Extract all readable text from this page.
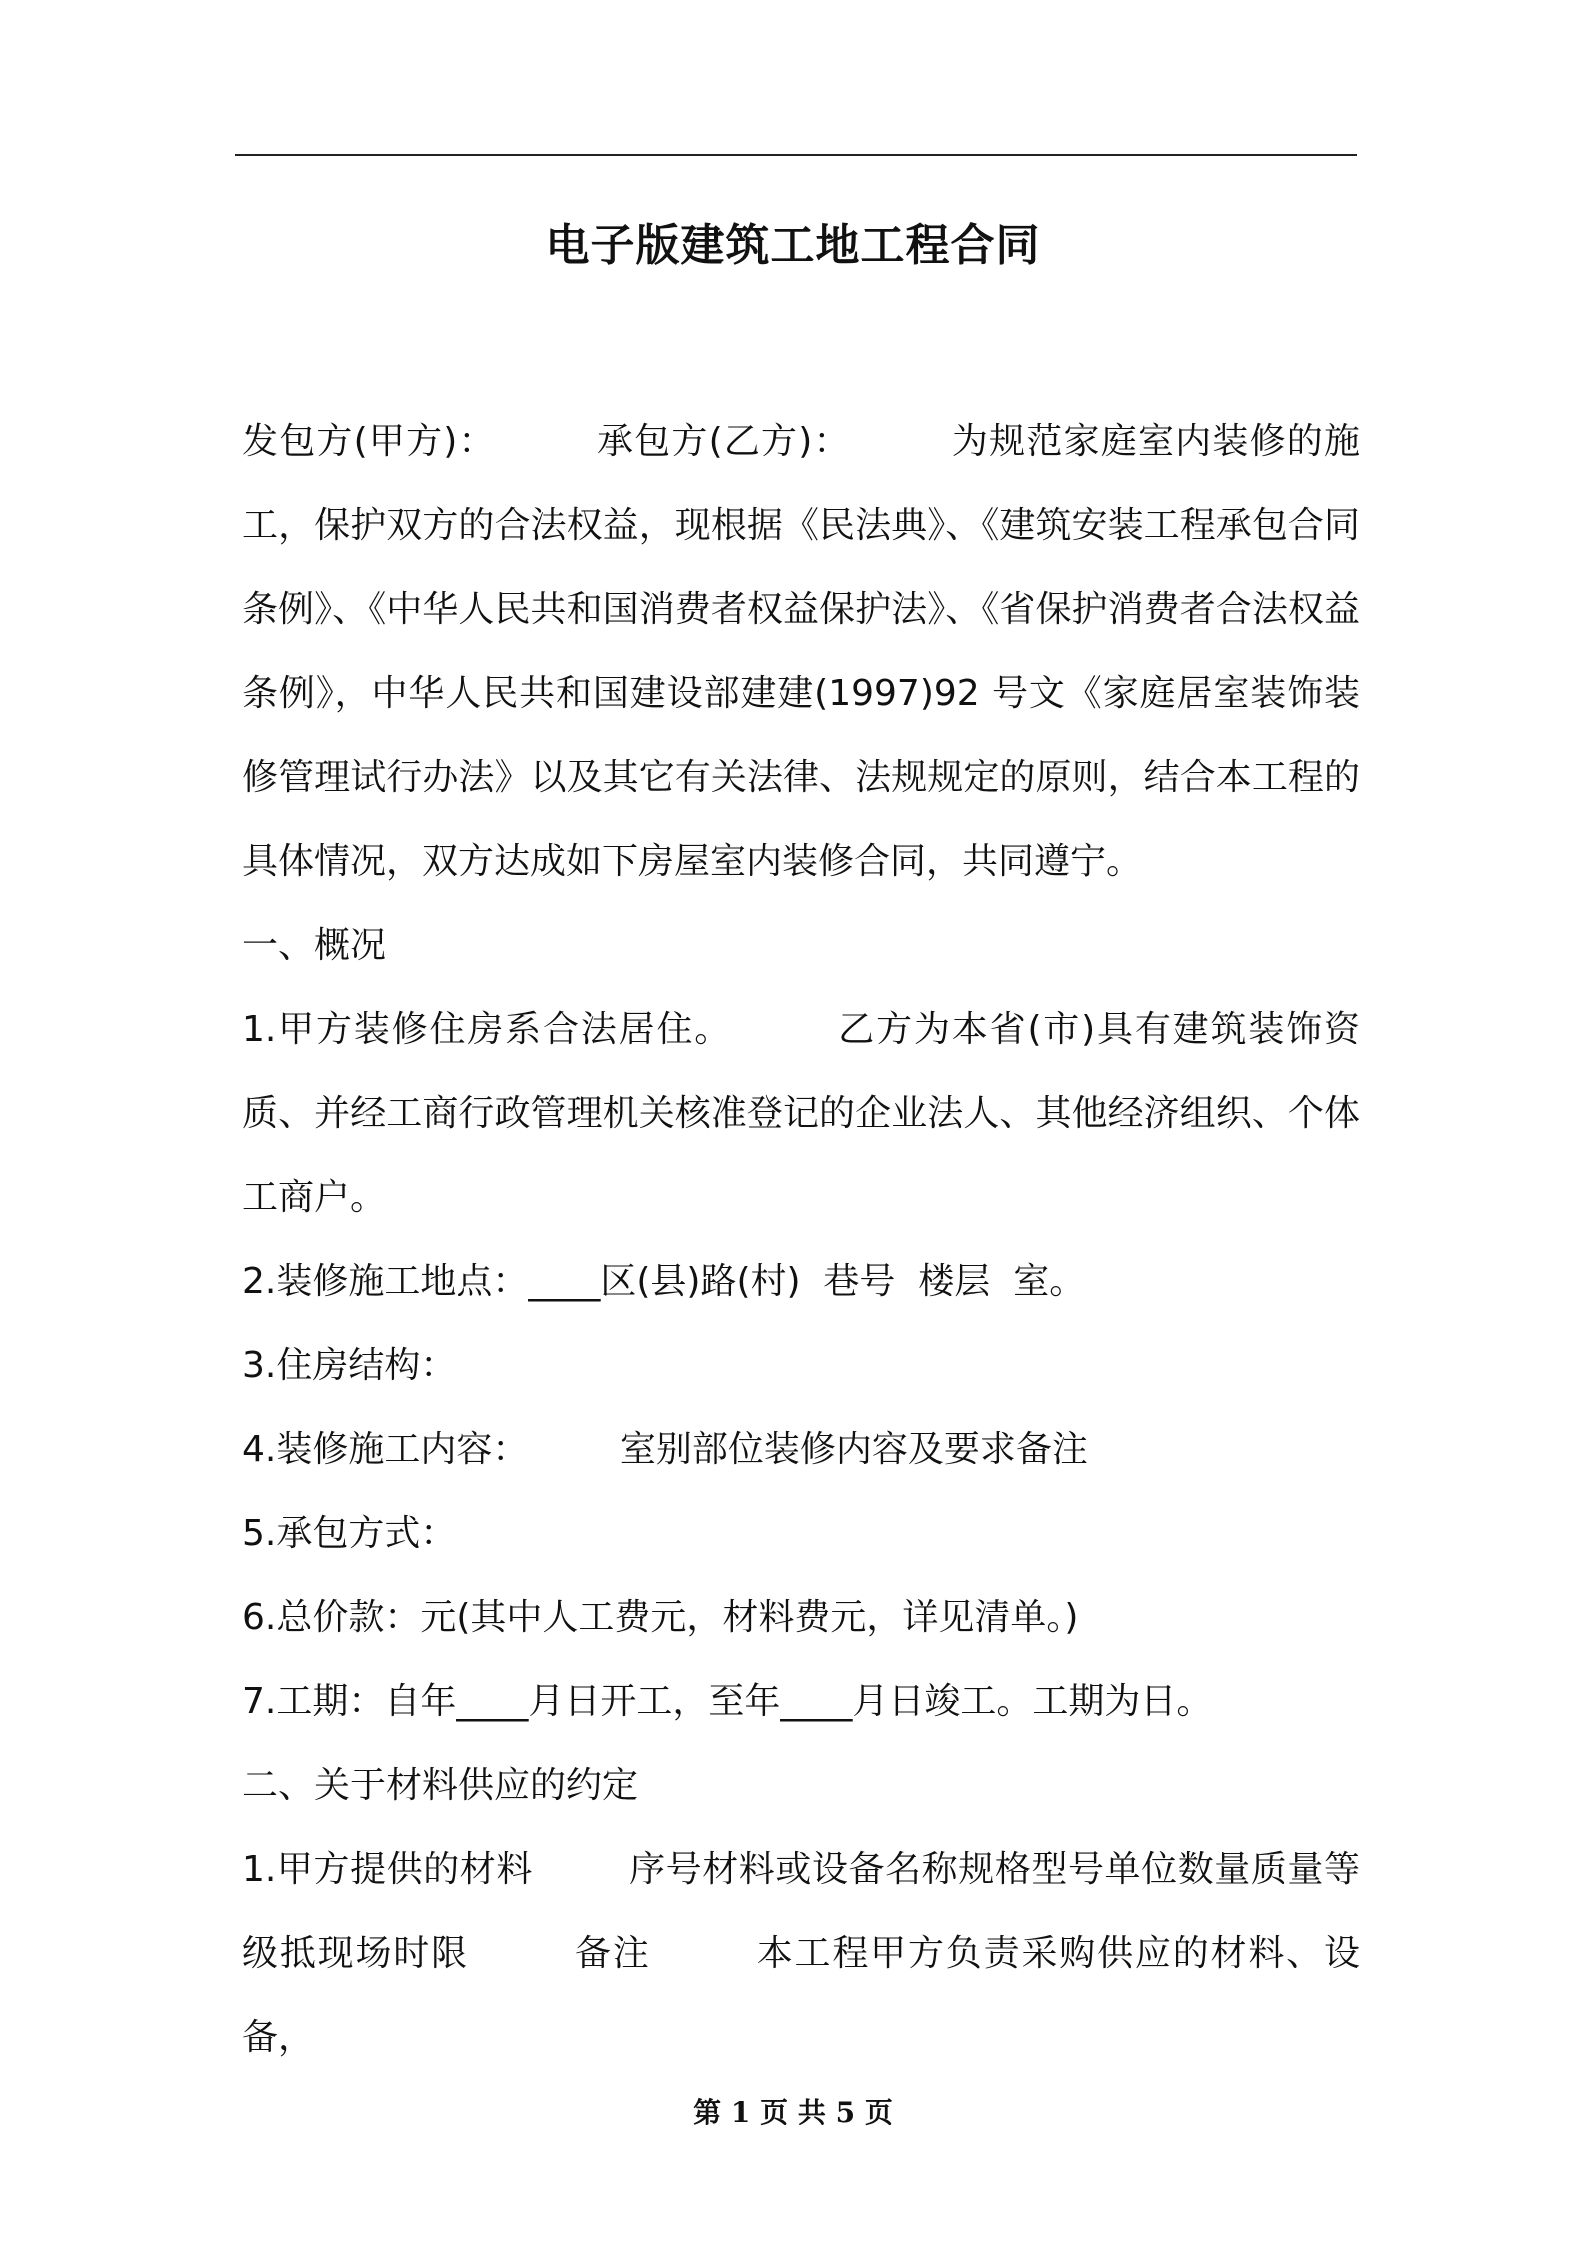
电子版建筑工地工程合同

发包方(甲方)：        承包方(乙方)：        为规范家庭室内装修的施工，保护双方的合法权益，现根据《民法典》、《建筑安装工程承包合同条例》、《中华人民共和国消费者权益保护法》、《省保护消费者合法权益条例》，中华人民共和国建设部建建(1997)92 号文《家庭居室装饰装修管理试行办法》以及其它有关法律、法规规定的原则，结合本工程的具体情况，双方达成如下房屋室内装修合同，共同遵宁。

一、概况

1.甲方装修住房系合法居住。        乙方为本省(市)具有建筑装饰资质、并经工商行政管理机关核准登记的企业法人、其他经济组织、个体工商户。

2.装修施工地点：____区(县)路(村)  巷号  楼层  室。

3.住房结构：

4.装修施工内容：        室别部位装修内容及要求备注

5.承包方式：

6.总价款：元(其中人工费元，材料费元，详见清单。)

7.工期：自年____月日开工，至年____月日竣工。工期为日。

二、关于材料供应的约定

1.甲方提供的材料        序号材料或设备名称规格型号单位数量质量等级抵现场时限        备注        本工程甲方负责采购供应的材料、设备，

第 1 页 共 5 页
